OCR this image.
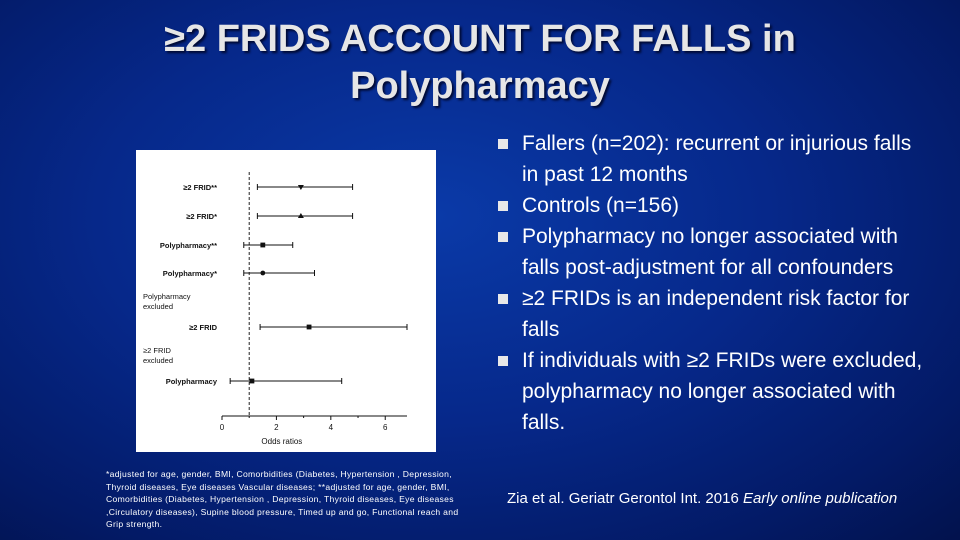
≥2 FRIDS ACCOUNT FOR FALLS in
Polypharmacy
0	2	4	6
Odds ratios
≥2 FRID**
≥2 FRID*
Polypharmacy**
Polypharmacy*
Polypharmacy
excluded
≥2 FRID
≥2 FRID
excluded
Polypharmacy
*adjusted for age, gender, BMI, Comorbidities (Diabetes, Hypertension , Depression, Thyroid diseases, Eye diseases Vascular diseases; **adjusted for age, gender, BMI, Comorbidities (Diabetes, Hypertension , Depression, Thyroid diseases, Eye diseases ,Circulatory diseases), Supine blood pressure, Timed up and go, Functional reach and Grip strength.
Fallers (n=202): recurrent or injurious falls in past 12 months
Controls (n=156)
Polypharmacy no longer associated with falls post-adjustment for all confounders
≥2 FRIDs is an independent risk factor for falls
If individuals with ≥2 FRIDs were excluded, polypharmacy no longer associated with falls.
Zia et al. Geriatr Gerontol Int. 2016 Early online publication
